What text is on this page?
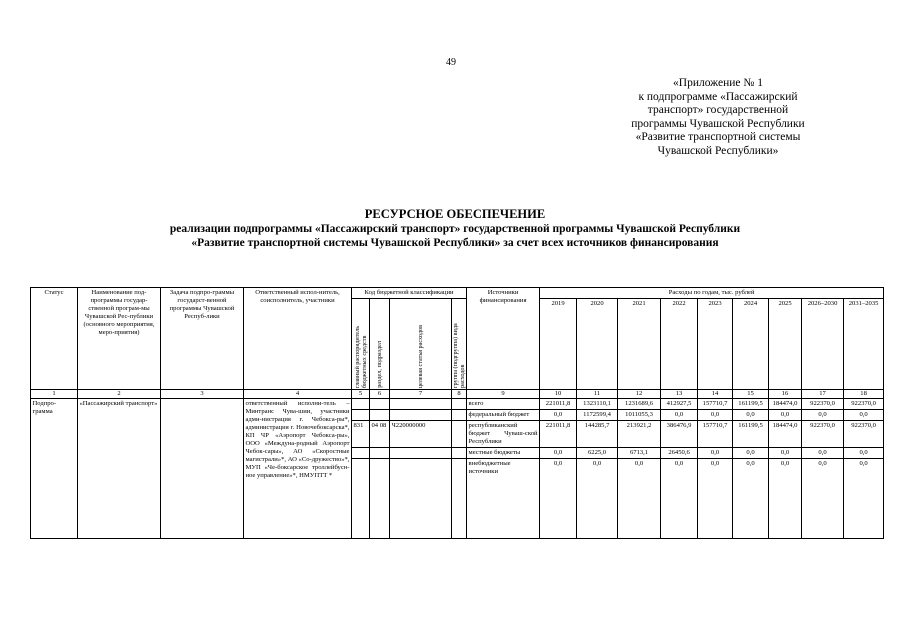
49
«Приложение № 1
к подпрограмме «Пассажирский
транспорт» государственной
программы Чувашской Республики
«Развитие транспортной системы
Чувашской Республики»
РЕСУРСНОЕ ОБЕСПЕЧЕНИЕ
реализации подпрограммы «Пассажирский транспорт» государственной программы Чувашской Республики
«Развитие транспортной системы Чувашской Республики» за счет всех источников финансирования
Статус	Наименование под-программы государ-ственной програм-мы Чувашской Рес-публики (основного мероприятия, меро-приятия)	Задача подпро-граммы государст-венной программы Чувашской Респуб-лики	Ответственный испол-нитель, соисполнитель, участники	Код бюджетной классификации				Источники финансирования	Расходы по годам, тыс. рублей								

				главный распорядитель бюджетных средств	раздел, подраздел	целевая статья расходов	группа (подгруппа) вида расходов		2019	2020	2021	2022	2023	2024	2025	2026–2030	2031–2035
1	2	3	4	5	6	7	8	9	10	11	12	13	14	15	16	17	18
Подпро-грамма	«Пассажирский транспорт»		ответственный исполни-тель – Минтранс Чува-шии, участники адми-нистрация г. Чебокса-ры*, администрация г. Новочебоксарска*, КП ЧР «Аэропорт Чебокса-ры», ООО «Междуна-родный Аэропорт Чебок-сары», АО «Скоростные магистрали»*, АО «Со-дружество»*, МУП «Че-боксарское троллейбусн-ное управление»*, НМУПТТ *					всего	221011,8	1323110,1	1231689,6	412927,5	157710,7	161199,5	184474,0	922370,0	922370,0
								федеральный бюджет	0,0	1172599,4	1011055,3	0,0	0,0	0,0	0,0	0,0	0,0
				831	04 08	Ч220000000		республиканский бюджет Чуваш-ской Республики	221011,8	144285,7	213921,2	386476,9	157710,7	161199,5	184474,0	922370,0	922370,0
								местные бюджеты	0,0	6225,0	6713,1	26450,6	0,0	0,0	0,0	0,0	0,0
								внебюджетные источники	0,0	0,0	0,0	0,0	0,0	0,0	0,0	0,0	0,0
